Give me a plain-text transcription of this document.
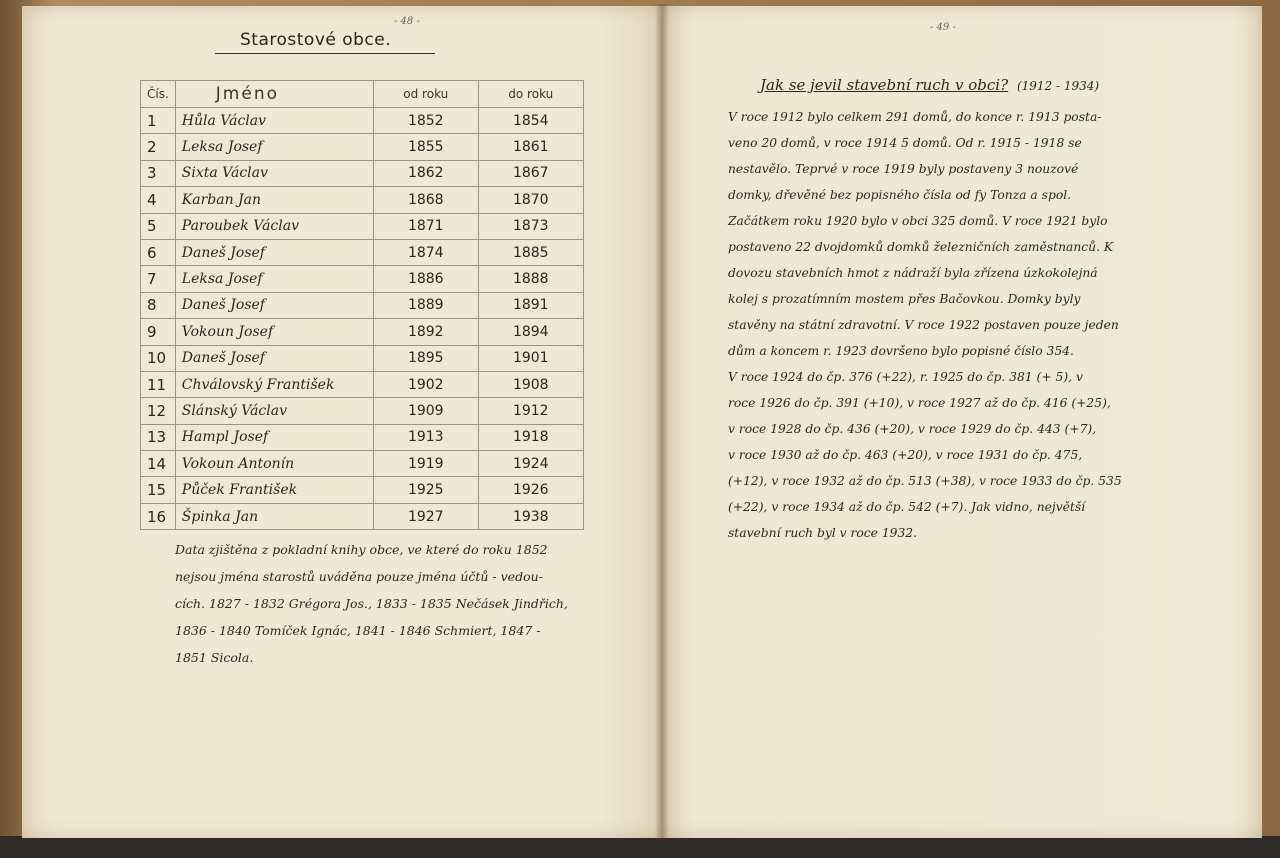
- 48 -
- 49 -
Starostové obce.
Čís.	Jméno	od roku	do roku
1	Hůla Václav	1852	1854
2	Leksa Josef	1855	1861
3	Sixta Václav	1862	1867
4	Karban Jan	1868	1870
5	Paroubek Václav	1871	1873
6	Daneš Josef	1874	1885
7	Leksa Josef	1886	1888
8	Daneš Josef	1889	1891
9	Vokoun Josef	1892	1894
10	Daneš Josef	1895	1901
11	Chválovský František	1902	1908
12	Slánský Václav	1909	1912
13	Hampl Josef	1913	1918
14	Vokoun Antonín	1919	1924
15	Půček František	1925	1926
16	Špinka Jan	1927	1938
Data zjištěna z pokladní knihy obce, ve které do roku 1852
nejsou jména starostů uváděna pouze jména účtů - vedou-
cích. 1827 - 1832 Grégora Jos., 1833 - 1835 Nečásek Jindřich,
1836 - 1840 Tomíček Ignác, 1841 - 1846 Schmiert, 1847 -
1851 Sicola.
Jak se jevil stavební ruch v obci? (1912 - 1934)
V roce 1912 bylo celkem 291 domů, do konce r. 1913 posta-
veno 20 domů, v roce 1914 5 domů. Od r. 1915 - 1918 se
nestavělo. Teprvé v roce 1919 byly postaveny 3 nouzové
domky, dřevěné bez popisného čísla od fy Tonza a spol.
Začátkem roku 1920 bylo v obci 325 domů. V roce 1921 bylo
postaveno 22 dvojdomků domků železničních zaměstnanců. K
dovozu stavebních hmot z nádraží byla zřízena úzkokolejná
kolej s prozatímním mostem přes Bačovkou. Domky byly
stavěny na státní zdravotní. V roce 1922 postaven pouze jeden
dům a koncem r. 1923 dovršeno bylo popisné číslo 354.
V roce 1924 do čp. 376 (+22), r. 1925 do čp. 381 (+ 5), v
roce 1926 do čp. 391 (+10), v roce 1927 až do čp. 416 (+25),
v roce 1928 do čp. 436 (+20), v roce 1929 do čp. 443 (+7),
v roce 1930 až do čp. 463 (+20), v roce 1931 do čp. 475,
(+12), v roce 1932 až do čp. 513 (+38), v roce 1933 do čp. 535
(+22), v roce 1934 až do čp. 542 (+7). Jak vidno, největší
stavební ruch byl v roce 1932.
